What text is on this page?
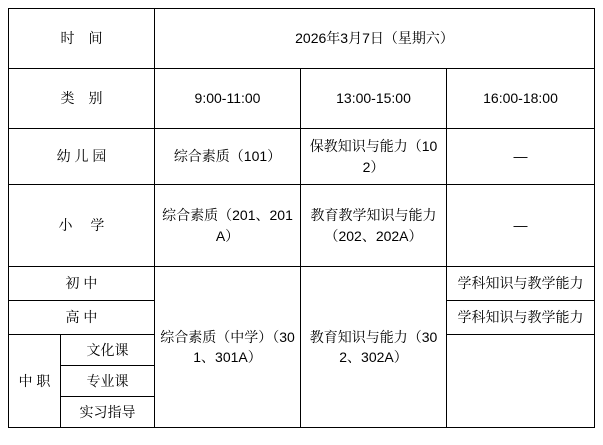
时　间		2026年3月7日（星期六）		
类　别		9:00-11:00	13:00-15:00	16:00-18:00
幼 儿 园		综合素质（101）	保教知识与能力（102）	—
小　 学		综合素质（201、201A）	教育教学知识与能力（202、202A）	—
初 中		综合素质（中学）（301、301A）	教育知识与能力（302、302A）	学科知识与教学能力
高 中				学科知识与教学能力
中 职	文化课			
	专业课			
	实习指导			
